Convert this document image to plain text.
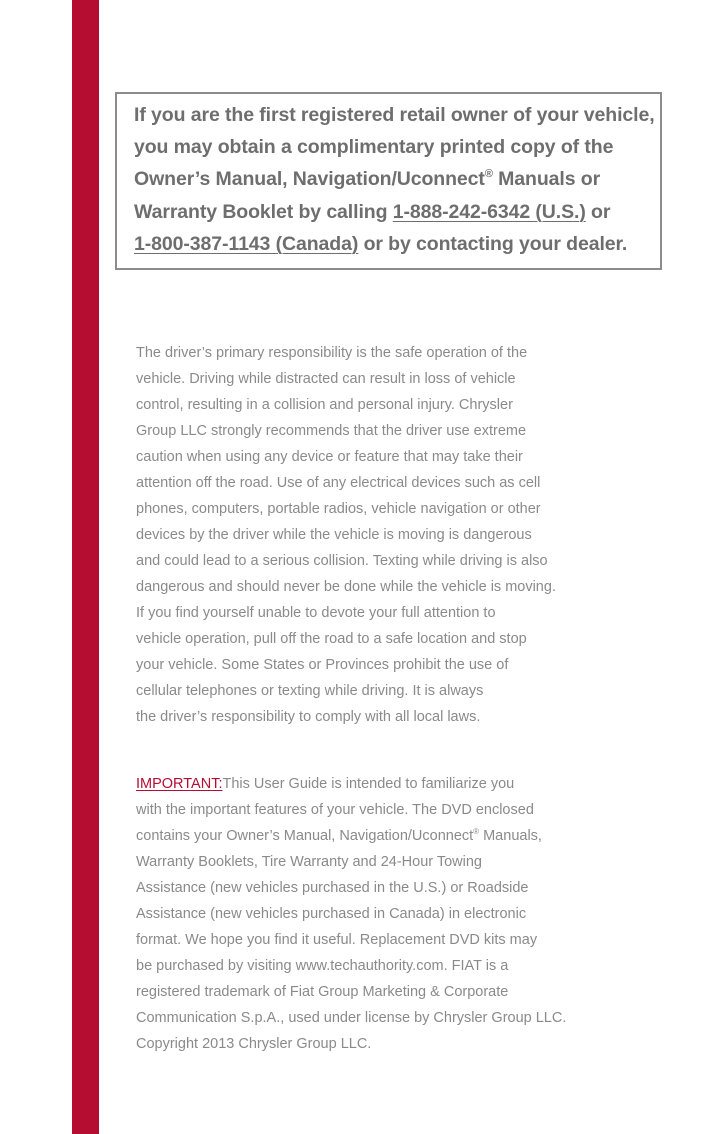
If you are the first registered retail owner of your vehicle,
you may obtain a complimentary printed copy of the
Owner’s Manual, Navigation/Uconnect® Manuals or
Warranty Booklet by calling 1-888-242-6342 (U.S.) or
1-800-387-1143 (Canada) or by contacting your dealer.
The driver’s primary responsibility is the safe operation of the
vehicle. Driving while distracted can result in loss of vehicle
control, resulting in a collision and personal injury. Chrysler
Group LLC strongly recommends that the driver use extreme
caution when using any device or feature that may take their
attention off the road. Use of any electrical devices such as cell
phones, computers, portable radios, vehicle navigation or other
devices by the driver while the vehicle is moving is dangerous
and could lead to a serious collision. Texting while driving is also
dangerous and should never be done while the vehicle is moving.
If you find yourself unable to devote your full attention to
vehicle operation, pull off the road to a safe location and stop
your vehicle. Some States or Provinces prohibit the use of
cellular telephones or texting while driving. It is always
the driver’s responsibility to comply with all local laws.
IMPORTANT:This User Guide is intended to familiarize you
with the important features of your vehicle. The DVD enclosed
contains your Owner’s Manual, Navigation/Uconnect® Manuals,
Warranty Booklets, Tire Warranty and 24-Hour Towing
Assistance (new vehicles purchased in the U.S.) or Roadside
Assistance (new vehicles purchased in Canada) in electronic
format. We hope you find it useful. Replacement DVD kits may
be purchased by visiting www.techauthority.com. FIAT is a
registered trademark of Fiat Group Marketing & Corporate
Communication S.p.A., used under license by Chrysler Group LLC.
Copyright 2013 Chrysler Group LLC.
